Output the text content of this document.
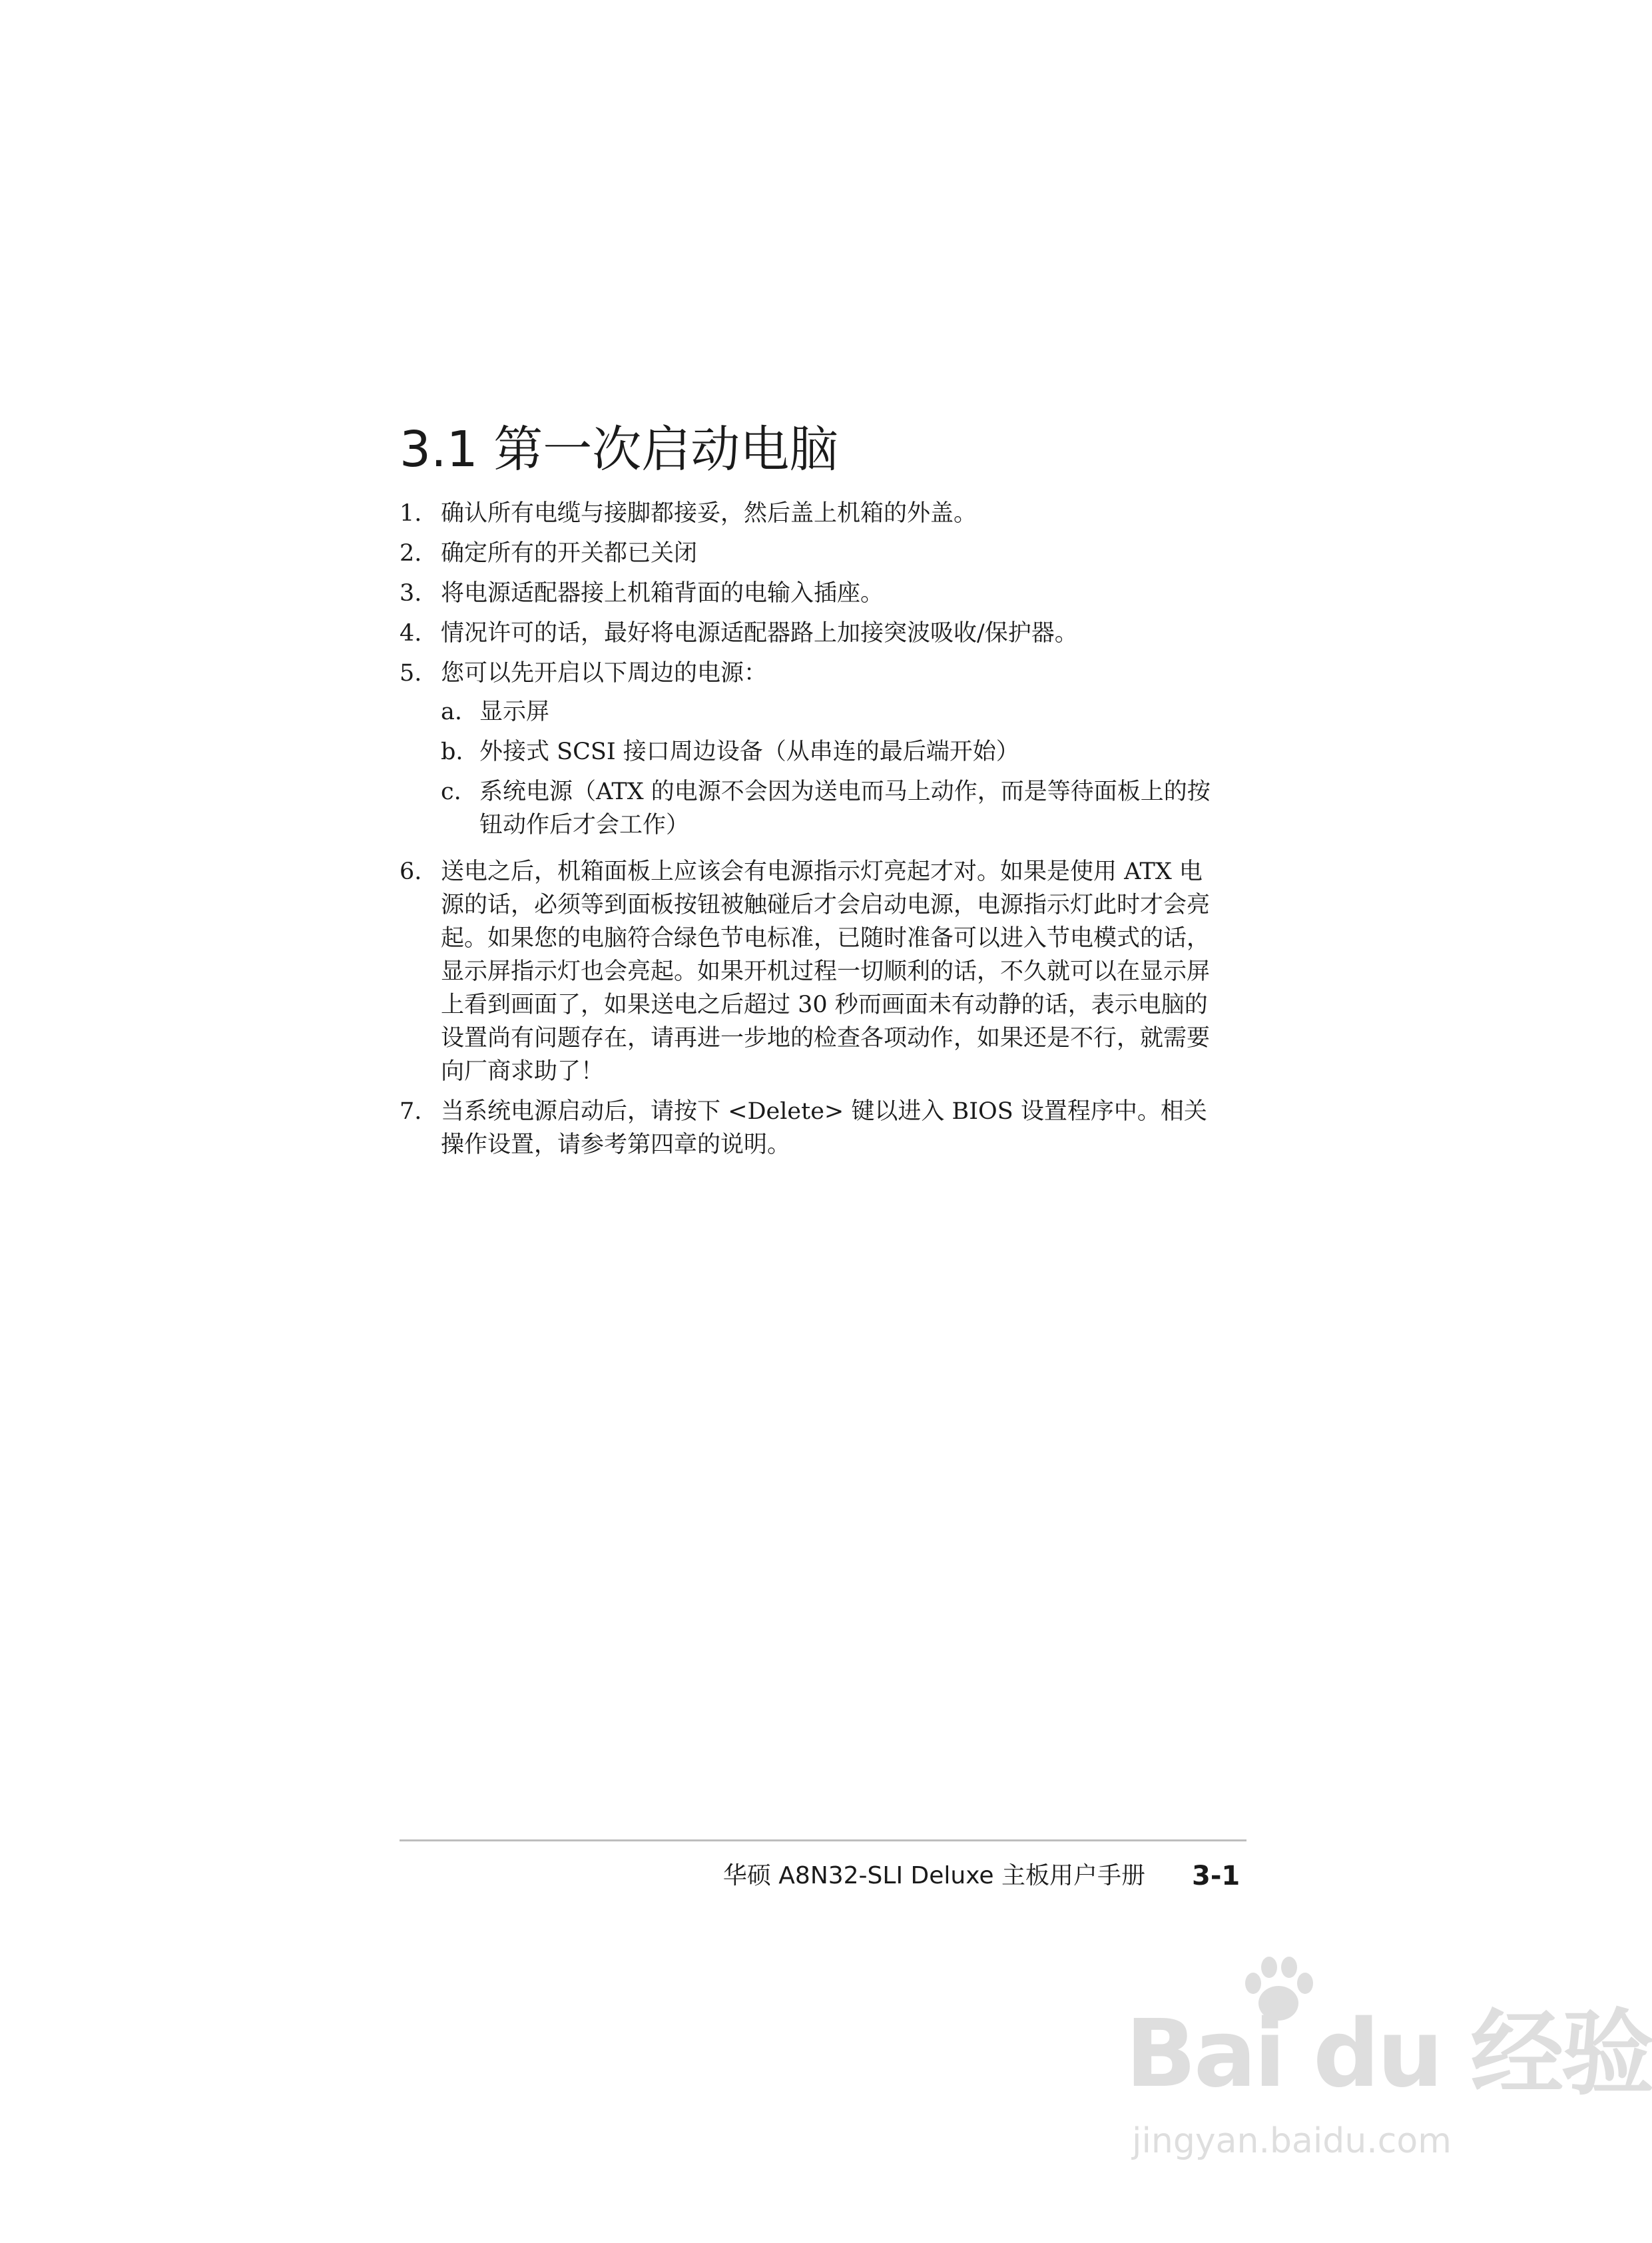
3.1 第一次启动电脑
1. 确认所有电缆与接脚都接妥，然后盖上机箱的外盖。
2. 确定所有的开关都已关闭
3. 将电源适配器接上机箱背面的电输入插座。
4. 情况许可的话，最好将电源适配器路上加接突波吸收/保护器。
5. 您可以先开启以下周边的电源：
a. 显示屏
b. 外接式 SCSI 接口周边设备（从串连的最后端开始）
c. 系统电源（ATX 的电源不会因为送电而马上动作，而是等待面板上的按钮动作后才会工作）
6. 送电之后，机箱面板上应该会有电源指示灯亮起才对。如果是使用 ATX 电源的话，必须等到面板按钮被触碰后才会启动电源，电源指示灯此时才会亮起。如果您的电脑符合绿色节电标准，已随时准备可以进入节电模式的话，显示屏指示灯也会亮起。如果开机过程一切顺利的话，不久就可以在显示屏上看到画面了，如果送电之后超过 30 秒而画面未有动静的话，表示电脑的设置尚有问题存在，请再进一步地的检查各项动作，如果还是不行，就需要向厂商求助了！
7. 当系统电源启动后，请按下 <Delete> 键以进入 BIOS 设置程序中。相关操作设置，请参考第四章的说明。
华硕 A8N32-SLI Deluxe 主板用户手册 3-1
Bai du 经验
jingyan.baidu.com
